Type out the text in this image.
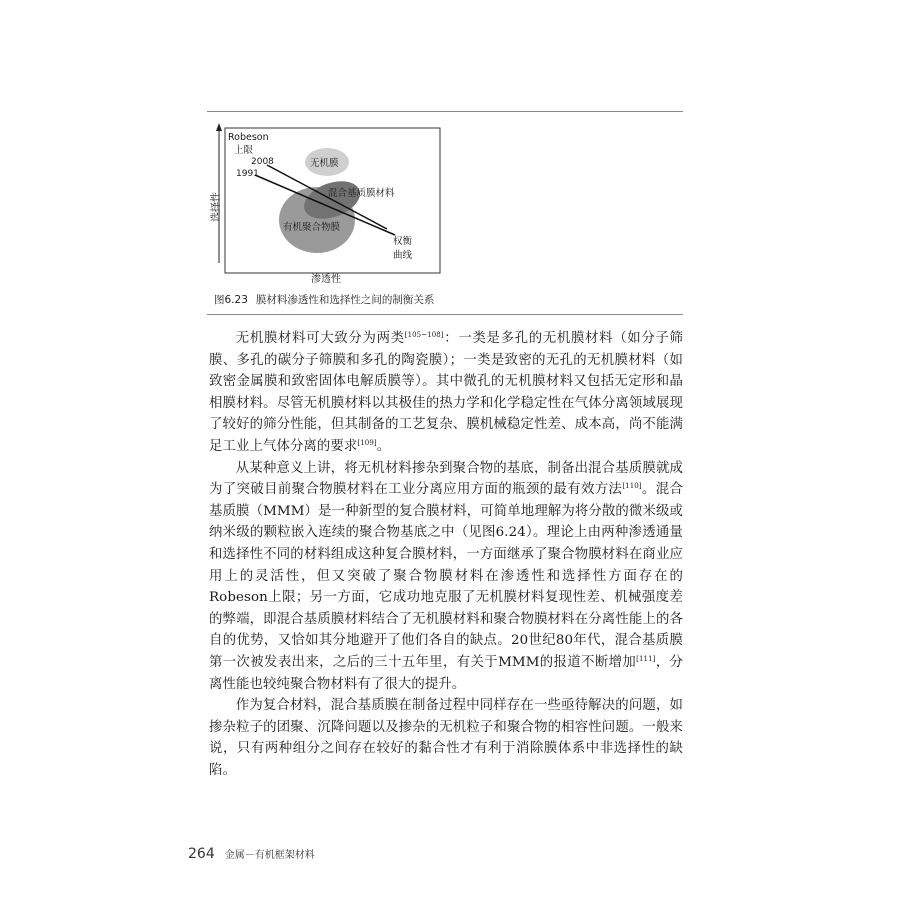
选择性
Robeson
上限
2008
1991
无机膜
混合基质膜材料
有机聚合物膜
权衡
曲线
渗透性
图6.23 膜材料渗透性和选择性之间的制衡关系

无机膜材料可大致分为两类[105~108]：一类是多孔的无机膜材料（如分子筛膜、多孔的碳分子筛膜和多孔的陶瓷膜）；一类是致密的无孔的无机膜材料（如致密金属膜和致密固体电解质膜等）。其中微孔的无机膜材料又包括无定形和晶相膜材料。尽管无机膜材料以其极佳的热力学和化学稳定性在气体分离领域展现了较好的筛分性能，但其制备的工艺复杂、膜机械稳定性差、成本高，尚不能满足工业上气体分离的要求[109]。

从某种意义上讲，将无机材料掺杂到聚合物的基底，制备出混合基质膜就成为了突破目前聚合物膜材料在工业分离应用方面的瓶颈的最有效方法[110]。混合基质膜（MMM）是一种新型的复合膜材料，可简单地理解为将分散的微米级或纳米级的颗粒嵌入连续的聚合物基底之中（见图6.24）。理论上由两种渗透通量和选择性不同的材料组成这种复合膜材料，一方面继承了聚合物膜材料在商业应用上的灵活性，但又突破了聚合物膜材料在渗透性和选择性方面存在的Robeson上限；另一方面，它成功地克服了无机膜材料复现性差、机械强度差的弊端，即混合基质膜材料结合了无机膜材料和聚合物膜材料在分离性能上的各自的优势，又恰如其分地避开了他们各自的缺点。20世纪80年代，混合基质膜第一次被发表出来，之后的三十五年里，有关于MMM的报道不断增加[111]，分离性能也较纯聚合物材料有了很大的提升。

作为复合材料，混合基质膜在制备过程中同样存在一些亟待解决的问题，如掺杂粒子的团聚、沉降问题以及掺杂的无机粒子和聚合物的相容性问题。一般来说，只有两种组分之间存在较好的黏合性才有利于消除膜体系中非选择性的缺陷。

264 金属－有机框架材料
